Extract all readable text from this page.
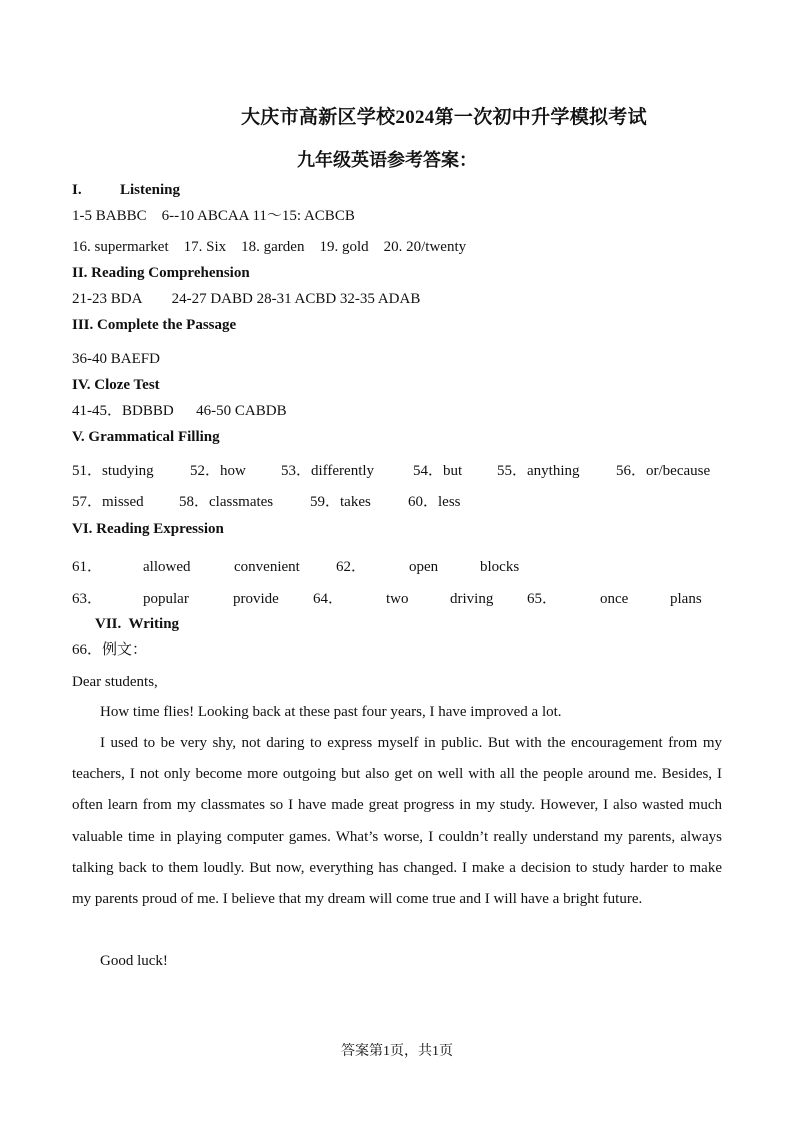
大庆市高新区学校2024第一次初中升学模拟考试
九年级英语参考答案：
I.	Listening
1-5 BABBC    6--10 ABCAA 11～15: ACBCB
16. supermarket    17. Six    18. garden    19. gold    20. 20/twenty
II. Reading Comprehension
21-23 BDA        24-27 DABD 28-31 ACBD 32-35 ADAB
III. Complete the Passage
36-40 BAEFD
IV. Cloze Test
41-45．BDBBD      46-50 CABDB
V. Grammatical Filling
51．studying 52．how 53．differently	54．but 55．anything 56．or/because
57．missed 58．classmates 59．takes 60．less
VI. Reading Expression
61．	allowed	convenient 62．	open	blocks
63．	popular	provide 64．	two	driving 65．	once	plans
VII.  Writing
66．例文：
Dear students,

How time flies! Looking back at these past four years, I have improved a lot.

I used to be very shy, not daring to express myself in public. But with the encouragement from my teachers, I not only become more outgoing but also get on well with all the people around me. Besides, I often learn from my classmates so I have made great progress in my study. However, I also wasted much valuable time in playing computer games. What’s worse, I couldn’t really understand my parents, always talking back to them loudly. But now, everything has changed. I make a decision to study harder to make my parents proud of me. I believe that my dream will come true and I will have a bright future.

Good luck!

答案第1页，共1页
